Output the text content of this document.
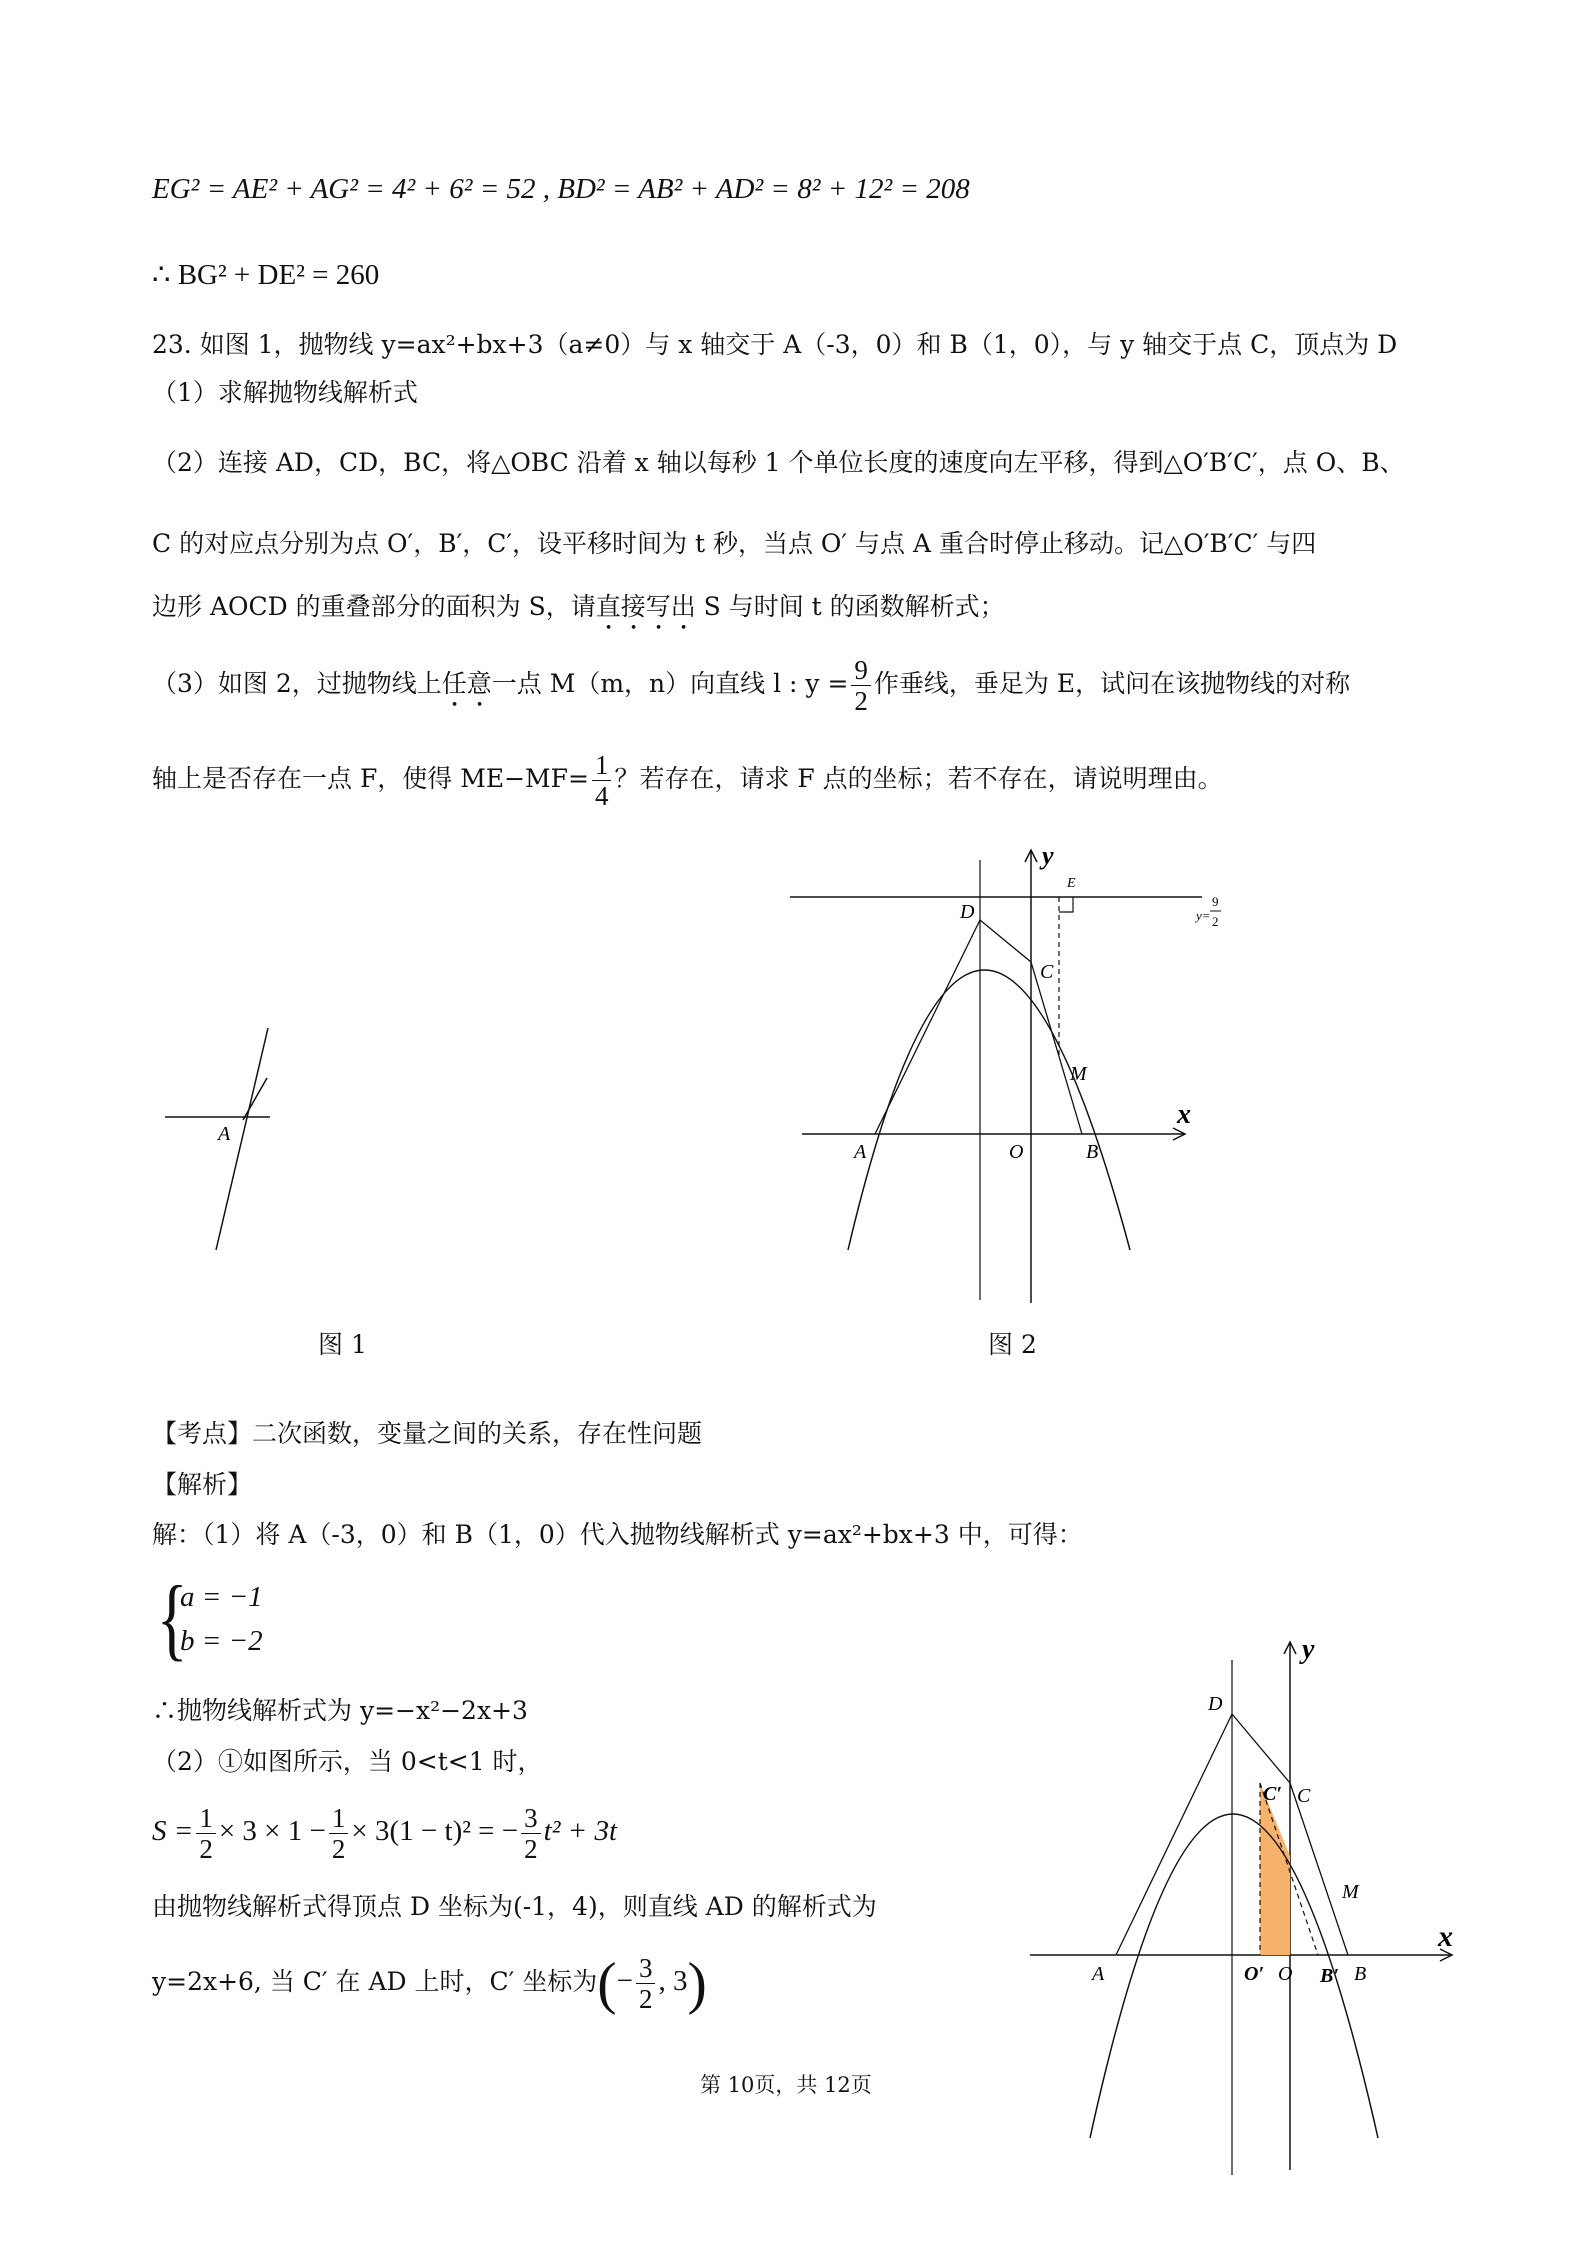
EG² = AE² + AG² = 4² + 6² = 52 , BD² = AB² + AD² = 8² + 12² = 208
∴ BG² + DE² = 260
23. 如图 1，抛物线 y=ax²+bx+3（a≠0）与 x 轴交于 A（-3，0）和 B（1，0），与 y 轴交于点 C，顶点为 D
（1）求解抛物线解析式
（2）连接 AD，CD，BC，将△OBC 沿着 x 轴以每秒 1 个单位长度的速度向左平移，得到△O′B′C′，点 O、B、
C 的对应点分别为点 O′，B′，C′，设平移时间为 t 秒，当点 O′ 与点 A 重合时停止移动。记△O′B′C′ 与四
边形 AOCD 的重叠部分的面积为 S，请直接写出 S 与时间 t 的函数解析式；
（3）如图 2，过抛物线上任意一点 M（m，n）向直线 l : $y = \frac{9}{2}$ 作垂线，垂足为 E，试问在该抛物线的对称
轴上是否存在一点 F，使得 $ME-MF= \frac{1}{4}$ ？若存在，请求 F 点的坐标；若不存在，请说明理由。
A
图 1
y
E
D
C
M
x
A	O	B
y=
9
2
图 2
【考点】二次函数，变量之间的关系，存在性问题
【解析】
解：（1）将 A（-3，0）和 B（1，0）代入抛物线解析式 y=ax²+bx+3 中，可得：
{
a = −1
b = −2
∴抛物线解析式为 y=−x²−2x+3
（2）①如图所示，当 0<t<1 时，
$S = \frac{1}{2} \times 3 \times 1 - \frac{1}{2} \times 3(1 - t)^2$ = − $\frac{3}{2} t^2 + 3t$
由抛物线解析式得顶点 D 坐标为(-1，4)，则直线 AD 的解析式为
y=2x+6, 当 C′ 在 AD 上时，C′ 坐标为(− $\frac{3}{2}$ , 3)
y
D
C′ C
M
x
A	O′ O B′ B
第 10页，共 12页
